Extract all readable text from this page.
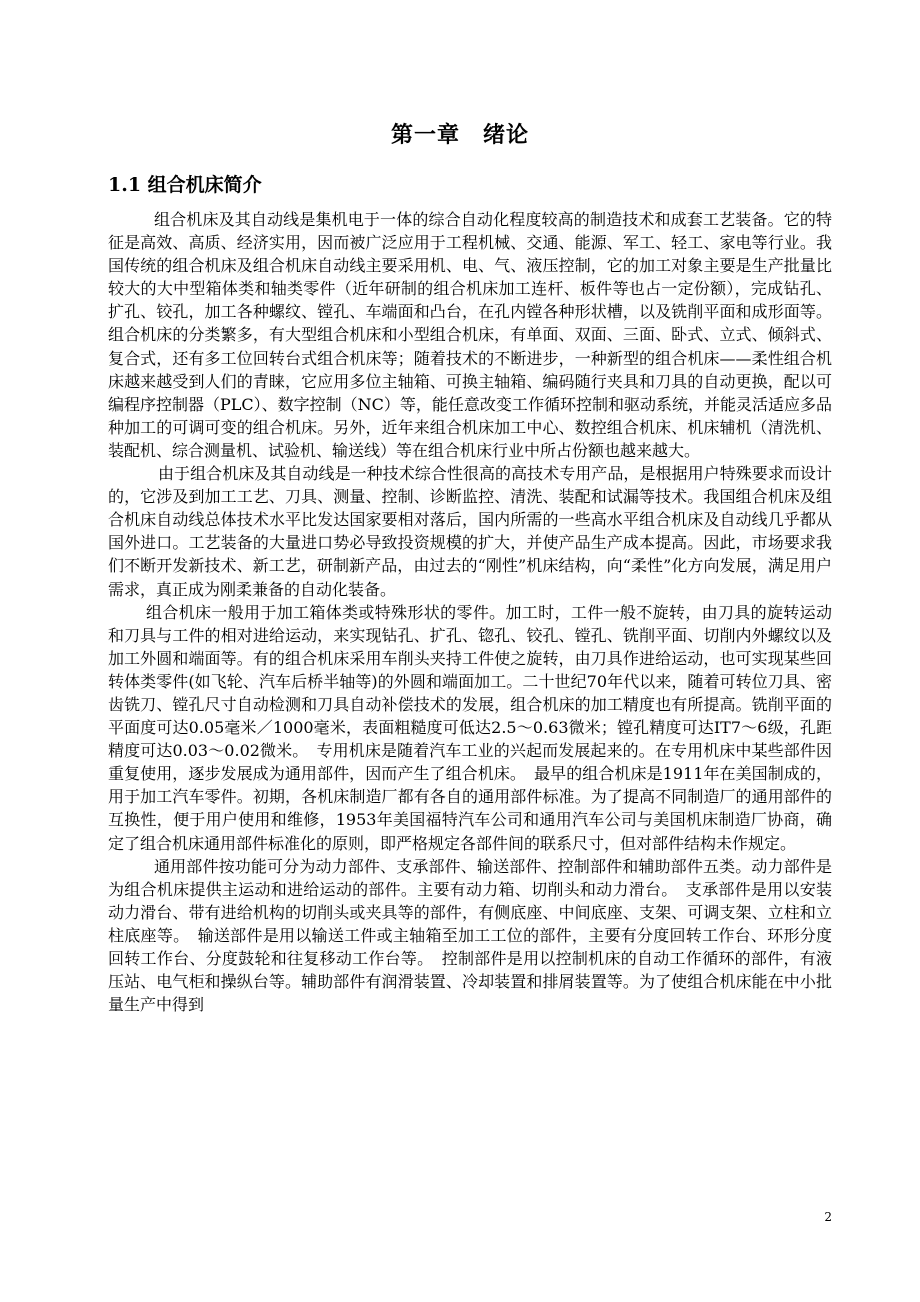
第一章　绪论
1.1 组合机床简介

组合机床及其自动线是集机电于一体的综合自动化程度较高的制造技术和成套工艺装备。它的特征是高效、高质、经济实用，因而被广泛应用于工程机械、交通、能源、军工、轻工、家电等行业。我国传统的组合机床及组合机床自动线主要采用机、电、气、液压控制，它的加工对象主要是生产批量比较大的大中型箱体类和轴类零件（近年研制的组合机床加工连杆、板件等也占一定份额），完成钻孔、扩孔、铰孔，加工各种螺纹、镗孔、车端面和凸台，在孔内镗各种形状槽，以及铣削平面和成形面等。组合机床的分类繁多，有大型组合机床和小型组合机床，有单面、双面、三面、卧式、立式、倾斜式、复合式，还有多工位回转台式组合机床等；随着技术的不断进步，一种新型的组合机床——柔性组合机床越来越受到人们的青睐，它应用多位主轴箱、可换主轴箱、编码随行夹具和刀具的自动更换，配以可编程序控制器（PLC）、数字控制（NC）等，能任意改变工作循环控制和驱动系统，并能灵活适应多品种加工的可调可变的组合机床。另外，近年来组合机床加工中心、数控组合机床、机床辅机（清洗机、装配机、综合测量机、试验机、输送线）等在组合机床行业中所占份额也越来越大。

由于组合机床及其自动线是一种技术综合性很高的高技术专用产品，是根据用户特殊要求而设计的，它涉及到加工工艺、刀具、测量、控制、诊断监控、清洗、装配和试漏等技术。我国组合机床及组合机床自动线总体技术水平比发达国家要相对落后，国内所需的一些高水平组合机床及自动线几乎都从国外进口。工艺装备的大量进口势必导致投资规模的扩大，并使产品生产成本提高。因此，市场要求我们不断开发新技术、新工艺，研制新产品，由过去的“刚性”机床结构，向“柔性”化方向发展，满足用户需求，真正成为刚柔兼备的自动化装备。

组合机床一般用于加工箱体类或特殊形状的零件。加工时，工件一般不旋转，由刀具的旋转运动和刀具与工件的相对进给运动，来实现钻孔、扩孔、锪孔、铰孔、镗孔、铣削平面、切削内外螺纹以及加工外圆和端面等。有的组合机床采用车削头夹持工件使之旋转，由刀具作进给运动，也可实现某些回转体类零件(如飞轮、汽车后桥半轴等)的外圆和端面加工。二十世纪70年代以来，随着可转位刀具、密齿铣刀、镗孔尺寸自动检测和刀具自动补偿技术的发展，组合机床的加工精度也有所提高。铣削平面的平面度可达0.05毫米／1000毫米，表面粗糙度可低达2.5～0.63微米；镗孔精度可达IT7～6级，孔距精度可达0.03～0.02微米。　专用机床是随着汽车工业的兴起而发展起来的。在专用机床中某些部件因重复使用，逐步发展成为通用部件，因而产生了组合机床。　最早的组合机床是1911年在美国制成的，用于加工汽车零件。初期，各机床制造厂都有各自的通用部件标准。为了提高不同制造厂的通用部件的互换性，便于用户使用和维修，1953年美国福特汽车公司和通用汽车公司与美国机床制造厂协商，确定了组合机床通用部件标准化的原则，即严格规定各部件间的联系尺寸，但对部件结构未作规定。

通用部件按功能可分为动力部件、支承部件、输送部件、控制部件和辅助部件五类。动力部件是为组合机床提供主运动和进给运动的部件。主要有动力箱、切削头和动力滑台。　支承部件是用以安装动力滑台、带有进给机构的切削头或夹具等的部件，有侧底座、中间底座、支架、可调支架、立柱和立柱底座等。　输送部件是用以输送工件或主轴箱至加工工位的部件，主要有分度回转工作台、环形分度回转工作台、分度鼓轮和往复移动工作台等。　控制部件是用以控制机床的自动工作循环的部件，有液压站、电气柜和操纵台等。辅助部件有润滑装置、冷却装置和排屑装置等。为了使组合机床能在中小批量生产中得到

2
